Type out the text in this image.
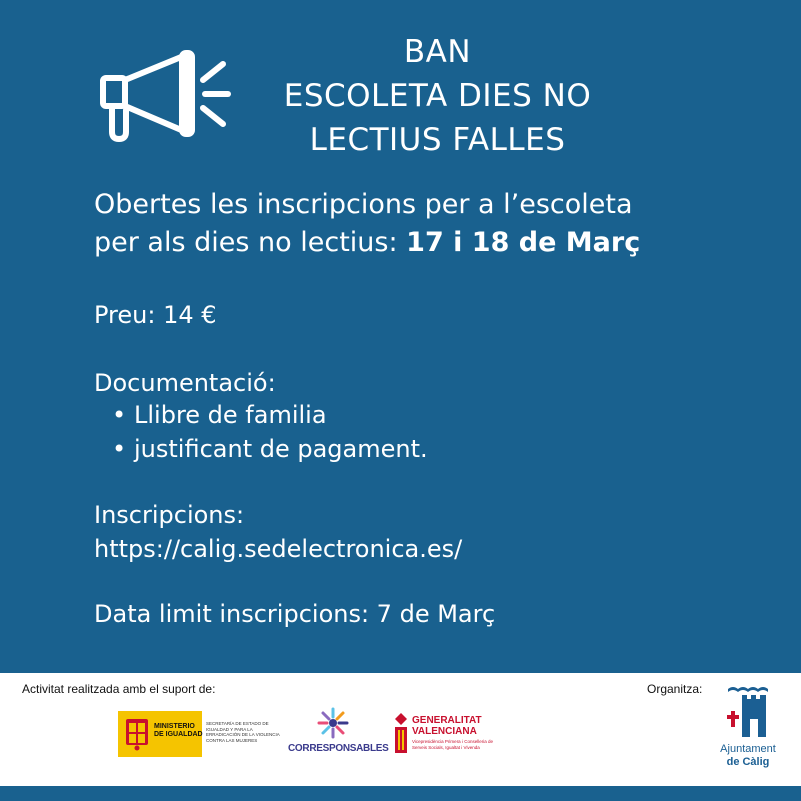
BAN
ESCOLETA DIES NO
LECTIUS FALLES
Obertes les inscripcions per a l’escoleta
per als dies no lectius: 17 i 18 de Març
Preu: 14 €
Documentació:
• Llibre de familia
• justificant de pagament.
Inscripcions:
https://calig.sedelectronica.es/
Data limit inscripcions: 7 de Març
Activitat realitzada amb el suport de:	Organitza:
MINISTERIO
DE IGUALDAD
SECRETARÍA DE ESTADO DE IGUALDAD Y PARA LA ERRADICACIÓN DE LA VIOLENCIA CONTRA LAS MUJERES
CORRESPONSABLES
GENERALITAT
VALENCIANA
Vicepresidència Primera i Conselleria de Serveis Socials, Igualtat i Vivenda	Ajuntament
de Càlig
